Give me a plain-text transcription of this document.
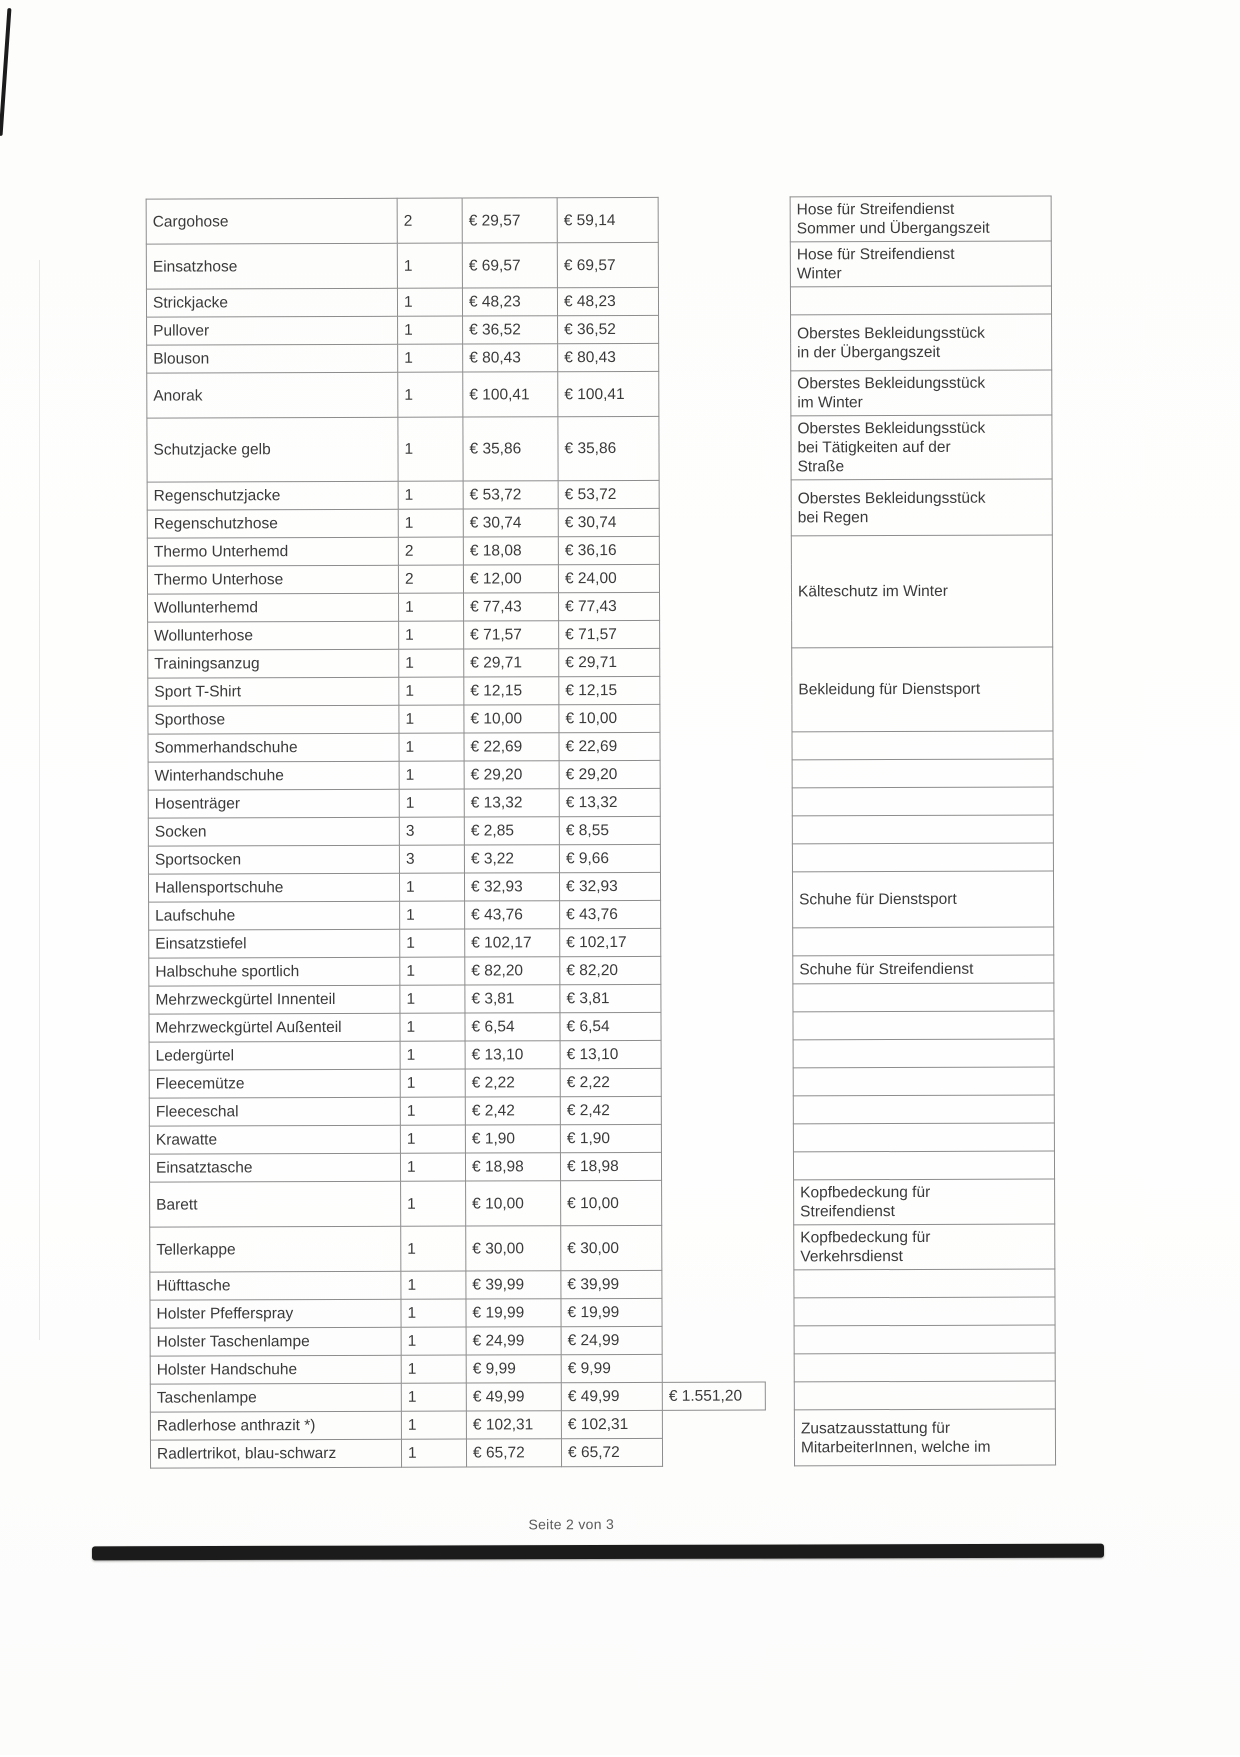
Cargohose	2	€ 29,57	€ 59,14			Hose für Streifendienst
Sommer und Übergangszeit
Einsatzhose	1	€ 69,57	€ 69,57			Hose für Streifendienst
Winter
Strickjacke	1	€ 48,23	€ 48,23			
Pullover	1	€ 36,52	€ 36,52			Oberstes Bekleidungsstück
in der Übergangszeit
Blouson	1	€ 80,43	€ 80,43			
Anorak	1	€ 100,41	€ 100,41			Oberstes Bekleidungsstück
im Winter
Schutzjacke gelb	1	€ 35,86	€ 35,86			Oberstes Bekleidungsstück
bei Tätigkeiten auf der
Straße
Regenschutzjacke	1	€ 53,72	€ 53,72			Oberstes Bekleidungsstück
bei Regen
Regenschutzhose	1	€ 30,74	€ 30,74			
Thermo Unterhemd	2	€ 18,08	€ 36,16			Kälteschutz im Winter
Thermo Unterhose	2	€ 12,00	€ 24,00			
Wollunterhemd	1	€ 77,43	€ 77,43			
Wollunterhose	1	€ 71,57	€ 71,57			
Trainingsanzug	1	€ 29,71	€ 29,71			Bekleidung für Dienstsport
Sport T-Shirt	1	€ 12,15	€ 12,15			
Sporthose	1	€ 10,00	€ 10,00			
Sommerhandschuhe	1	€ 22,69	€ 22,69			
Winterhandschuhe	1	€ 29,20	€ 29,20			
Hosenträger	1	€ 13,32	€ 13,32			
Socken	3	€ 2,85	€ 8,55			
Sportsocken	3	€ 3,22	€ 9,66			
Hallensportschuhe	1	€ 32,93	€ 32,93			Schuhe für Dienstsport
Laufschuhe	1	€ 43,76	€ 43,76			
Einsatzstiefel	1	€ 102,17	€ 102,17			
Halbschuhe sportlich	1	€ 82,20	€ 82,20			Schuhe für Streifendienst
Mehrzweckgürtel Innenteil	1	€ 3,81	€ 3,81			
Mehrzweckgürtel Außenteil	1	€ 6,54	€ 6,54			
Ledergürtel	1	€ 13,10	€ 13,10			
Fleecemütze	1	€ 2,22	€ 2,22			
Fleeceschal	1	€ 2,42	€ 2,42			
Krawatte	1	€ 1,90	€ 1,90			
Einsatztasche	1	€ 18,98	€ 18,98			
Barett	1	€ 10,00	€ 10,00			Kopfbedeckung für
Streifendienst
Tellerkappe	1	€ 30,00	€ 30,00			Kopfbedeckung für
Verkehrsdienst
Hüfttasche	1	€ 39,99	€ 39,99			
Holster Pfefferspray	1	€ 19,99	€ 19,99			
Holster Taschenlampe	1	€ 24,99	€ 24,99			
Holster Handschuhe	1	€ 9,99	€ 9,99			
Taschenlampe	1	€ 49,99	€ 49,99	€ 1.551,20		
Radlerhose anthrazit *)	1	€ 102,31	€ 102,31			Zusatzausstattung für
MitarbeiterInnen, welche im
Radlertrikot, blau-schwarz	1	€ 65,72	€ 65,72			
Seite 2 von 3
